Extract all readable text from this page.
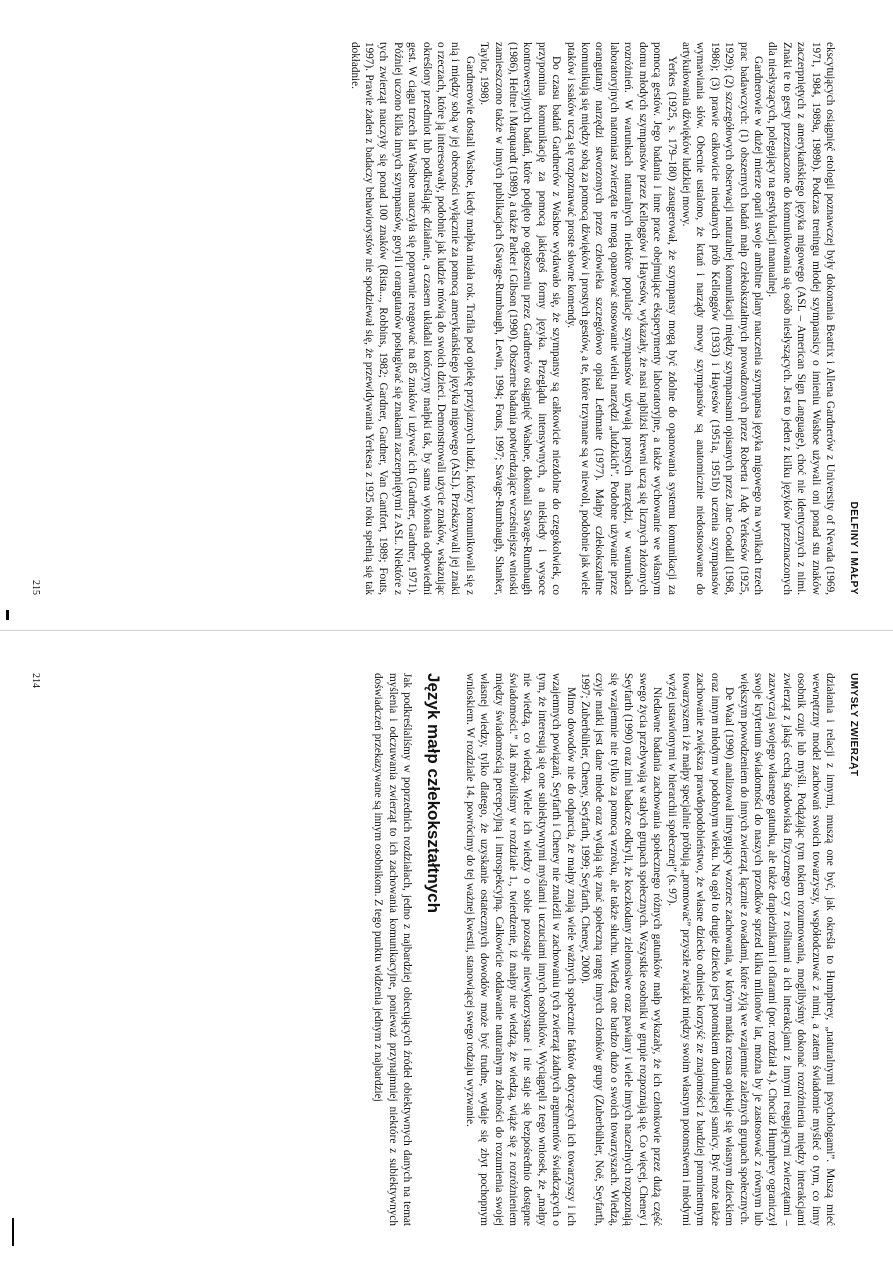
DELFINY I MAŁPY

ekscytujących osiągnięć etologii poznawczej były dokonania Beatrix i Allena Gardnerów z University of Nevada (1969, 1971, 1984, 1989a, 1989b). Podczas treningu młodej szympansicy o imieniu Washoe używali oni ponad stu znaków zaczerpniętych z amerykańskiego języka migowego (ASL – American Sign Language), choć nie identycznych z nimi. Znaki te to gesty przeznaczone do komunikowania się osób niesłyszących. Jest to jeden z kilku języków przeznaczonych dla niesłyszących, polegający na gestykulacji manualnej.

Gardnerowie w dużej mierze oparli swoje ambitne plany nauczenia szympansa języka migowego na wynikach trzech prac badawczych: (1) obszernych badań małp człekokształtnych prowadzonych przez Roberta i Adę Yerkesów (1925, 1929); (2) szczegółowych obserwacji naturalnej komunikacji między szympansami opisanych przez Jane Goodall (1968, 1986); (3) prawie całkowicie nieudanych prób Kelloggów (1933) i Hayesów (1951a, 1951b) uczenia szympansów wymawiania słów. Obecnie ustalono, że krtań i narządy mowy szympansów są anatomicznie niedostosowane do artykułowania dźwięków ludzkiej mowy.

Yerkes (1925, s. 179–180) zasugerował, że szympansy mogą być zdolne do opanowania systemu komunikacji za pomocą gestów. Jego badania i inne prace obejmujące eksperymenty laboratoryjne, a także wychowanie we własnym domu młodych szympansów przez Kelloggów i Hayesów, wykazały, że nasi najbliżsi krewni uczą się licznych złożonych rozróżnień. W warunkach naturalnych niektóre populacje szympansów używają prostych narzędzi, w warunkach laboratoryjnych natomiast zwierzęta te mogą opanować stosowanie wielu narzędzi „ludzkich”. Podobne używanie przez orangutany narzędzi stworzonych przez człowieka szczegółowo opisał Lethmate (1977). Małpy człekokształtne komunikują się między sobą za pomocą dźwięków i prostych gestów, a te, które trzymane są w niewoli, podobnie jak wiele ptaków i ssaków uczą się rozpoznawać proste słowne komendy.

Do czasu badań Gardnerów z Washoe wydawało się, że szympansy są całkowicie niezdolne do czegokolwiek, co przypomina komunikację za pomocą jakiegoś formy języka. Przeglądu intensywnych, a niekiedy i wysoce kontrowersyjnych badań, które podjęto po ogłoszeniu przez Gardnerów osiągnięć Washoe, dokonali Savage-Rumbaugh (1986), Heltne i Marquardt (1989), a także Parker i Gibson (1990). Obszerne badania potwierdzające wcześniejsze wnioski zamieszczono także w innych publikacjach (Savage-Rumbaugh, Lewin, 1994; Fouts, 1997; Savage-Rumbaugh, Shanker, Taylor, 1998).

Gardnerowie dostali Washoe, kiedy małpka miała rok. Trafiła pod opiekę przyjaznych ludzi, którzy komunikowali się z nią i między sobą w jej obecności wyłącznie za pomocą amerykańskiego języka migowego (ASL). Przekazywali jej znaki o rzeczach, które ją interesowały, podobnie jak ludzie mówią do swoich dzieci. Demonstrowali użycie znaków, wskazując określony przedmiot lub podkreślając działanie, a czasem układali kończyny małpki tak, by sama wykonała odpowiedni gest. W ciągu trzech lat Washoe nauczyła się poprawnie reagować na 85 znaków i używać ich (Gardner, Gardner, 1971). Później uczono kilka innych szympansów, goryli i orangutanów posługiwać się znakami zaczerpniętymi z ASL. Niektóre z tych zwierząt nauczyły się ponad 100 znaków (Rista..., Robbins, 1982; Gardner, Gardner, Van Cantfort, 1989; Fouts, 1997). Prawie żaden z badaczy behawiorystów nie spodziewał się, że przewidywania Yerkesa z 1925 roku spełnią się tak dokładnie.

215
UMYSŁY ZWIERZĄT

działania i relacji z innymi, muszą one być, jak określa to Humphrey, „naturalnymi psychologami”. Muszą mieć wewnętrzny model zachowań swoich towarzyszy, współodczuwać z nimi, a zatem świadomie myśleć o tym, co inny osobnik czuje lub myśli. Podążając tym tokiem rozumowania, moglibyśmy dokonać rozróżnienia między interakcjami zwierząt z jakąś cechą środowiska fizycznego czy z roślinami a ich interakcjami z innymi reagującymi zwierzętami – zazwyczaj swojego własnego gatunku, ale także drapieżnikami i ofiarami (por. rozdział 4.). Chociaż Humphrey ograniczył swoje kryterium świadomości do naszych przodków sprzed kilku milionów lat, można by je zastosować z równym lub większym powodzeniem do innych zwierząt, łącznie z owadami, które żyją we wzajemnie zależnych grupach społecznych.

De Waal (1990) analizował intrygujący wzorzec zachowania, w którym matka rezusa opiekuje się własnym dzieckiem oraz innym młodym w podobnym wieku. Na ogół to drugie dziecko jest potomkiem dominującej samicy. Być może także zachowanie zwiększa prawdopodobieństwo, że własne dziecko odniesie korzyść ze znajomości z bardziej prominentnym towarzyszem i że małpy specjalnie próbują „promować” przyszłe związki między swoim własnym potomstwem i młodymi wyżej ustawionymi w hierarchii społecznej” (s. 97).

Niedawne badania zachowania społecznego różnych gatunków małp wykazały, że ich członkowie przez dużą część swego życia przebywają w stałych grupach społecznych. Wszystkie osobniki w grupie rozpoznają się. Co więcej, Cheney i Seyfarth (1990) oraz inni badacze odkryli, że koczkodany zielonosiwe oraz pawiany i wiele innych naczelnych rozpoznają się wzajemnie nie tylko za pomocą wzroku, ale także słuchu. Wiedzą one bardzo dużo o swoich towarzyszach. Wiedzą, czyje matki jest dane młode oraz wydają się znać społeczną rangę innych członków grupy (Zuberbühler, Noë, Seyfarth, 1997; Zuberbühler, Cheney, Seyfarth, 1999; Seyfarth, Cheney, 2000).

Mimo dowodów nie do odparcia, że małpy znają wiele ważnych społecznie faktów dotyczących ich towarzyszy i ich wzajemnych powiązań, Seyfarth i Cheney nie znaleźli w zachowaniu tych zwierząt żadnych argumentów świadczących o tym, że interesują się one subiektywnymi myślami i uczuciami innych osobników. Wyciągnęli z tego wniosek, że „małpy nie wiedzą, co wiedzą. Wiele ich wiedzy o sobie pozostaje niewykorzystane i nie staje się bezpośrednio dostępne świadomości.” Jak mówiliśmy w rozdziale 1., twierdzenie, iż małpy nie wiedzą, że wiedzą, wiąże się z rozróżnieniem między świadomością percepcyjną i introspekcyjną. Całkowicie oddawanie naturalnym zdolności do rozumienia swojej własnej wiedzy, tylko dlatego, że uzyskanie ostatecznych dowodów może być trudne, wydaje się zbyt pochopnym wnioskiem. W rozdziale 14. powrócimy do tej ważnej kwestii, stanowiącej swego rodzaju wyzwanie.

Język małp człekokształtnych

Jak podkreślaliśmy w poprzednich rozdziałach, jedno z najbardziej obiecujących źródeł obiektywnych danych na temat myślenia i odczuwania zwierząt to ich zachowania komunikacyjne, ponieważ przynajmniej niektóre z subiektywnych doświadczeń przekazywane są innym osobnikom. Z tego punktu widzenia jednym z najbardziej

214
